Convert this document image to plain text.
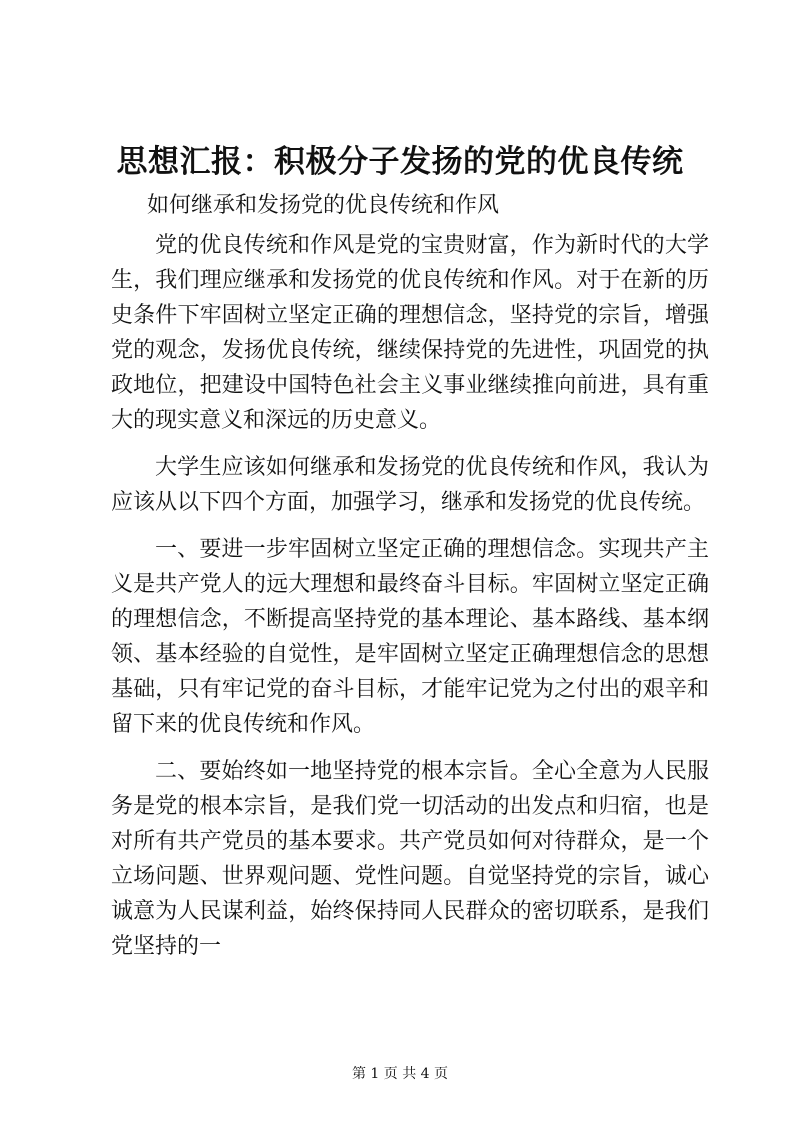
思想汇报：积极分子发扬的党的优良传统
如何继承和发扬党的优良传统和作风

党的优良传统和作风是党的宝贵财富，作为新时代的大学生，我们理应继承和发扬党的优良传统和作风。对于在新的历史条件下牢固树立坚定正确的理想信念，坚持党的宗旨，增强党的观念，发扬优良传统，继续保持党的先进性，巩固党的执政地位，把建设中国特色社会主义事业继续推向前进，具有重大的现实意义和深远的历史意义。

大学生应该如何继承和发扬党的优良传统和作风，我认为应该从以下四个方面，加强学习，继承和发扬党的优良传统。

一、要进一步牢固树立坚定正确的理想信念。实现共产主义是共产党人的远大理想和最终奋斗目标。牢固树立坚定正确的理想信念，不断提高坚持党的基本理论、基本路线、基本纲领、基本经验的自觉性，是牢固树立坚定正确理想信念的思想基础，只有牢记党的奋斗目标，才能牢记党为之付出的艰辛和留下来的优良传统和作风。

二、要始终如一地坚持党的根本宗旨。全心全意为人民服务是党的根本宗旨，是我们党一切活动的出发点和归宿，也是对所有共产党员的基本要求。共产党员如何对待群众，是一个立场问题、世界观问题、党性问题。自觉坚持党的宗旨，诚心诚意为人民谋利益，始终保持同人民群众的密切联系，是我们党坚持的一

第 1 页 共 4 页
